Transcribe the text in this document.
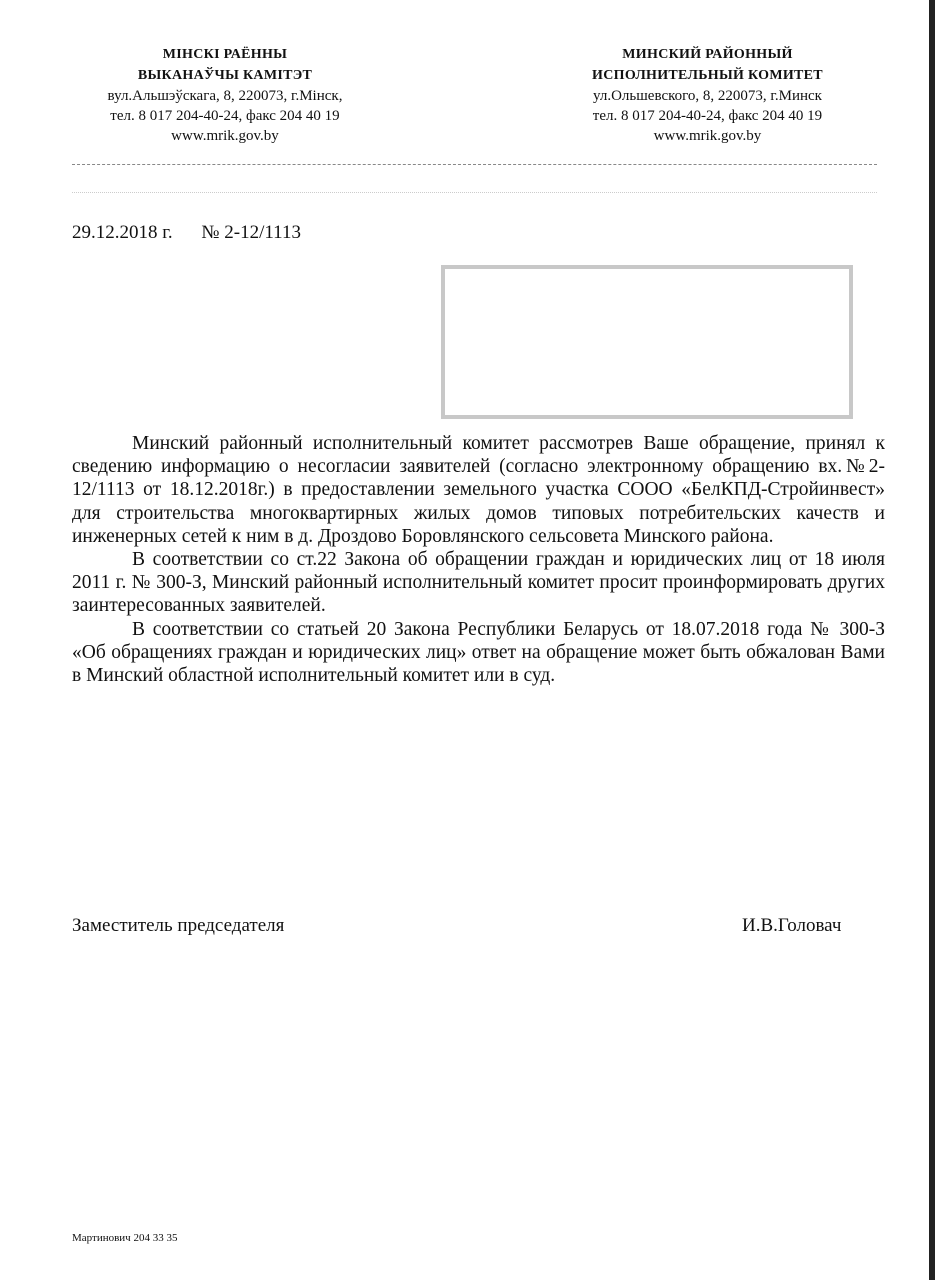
МІНСКІ РАЁННЫ
ВЫКАНАЎЧЫ КАМІТЭТ
вул.Альшэўскага, 8, 220073, г.Мінск,
тел. 8 017 204-40-24, факс 204 40 19
www.mrik.gov.by
МИНСКИЙ РАЙОННЫЙ
ИСПОЛНИТЕЛЬНЫЙ КОМИТЕТ
ул.Ольшевского, 8, 220073, г.Минск
тел. 8 017 204-40-24, факс 204 40 19
www.mrik.gov.by
29.12.2018 г. № 2-12/1113

Минский районный исполнительный комитет рассмотрев Ваше обращение, принял к сведению информацию о несогласии заявителей (согласно электронному обращению вх.№2-12/1113 от 18.12.2018г.) в предоставлении земельного участка СООО «БелКПД-Стройинвест» для строительства многоквартирных жилых домов типовых потребительских качеств и инженерных сетей к ним в д. Дроздово Боровлянского сельсовета Минского района.

В соответствии со ст.22 Закона об обращении граждан и юридических лиц от 18 июля 2011 г. № 300-З, Минский районный исполнительный комитет просит проинформировать других заинтересованных заявителей.

В соответствии со статьей 20 Закона Республики Беларусь от 18.07.2018 года № 300-З «Об обращениях граждан и юридических лиц» ответ на обращение может быть обжалован Вами в Минский областной исполнительный комитет или в суд.

Заместитель председателя	И.В.Головач
Мартинович 204 33 35
